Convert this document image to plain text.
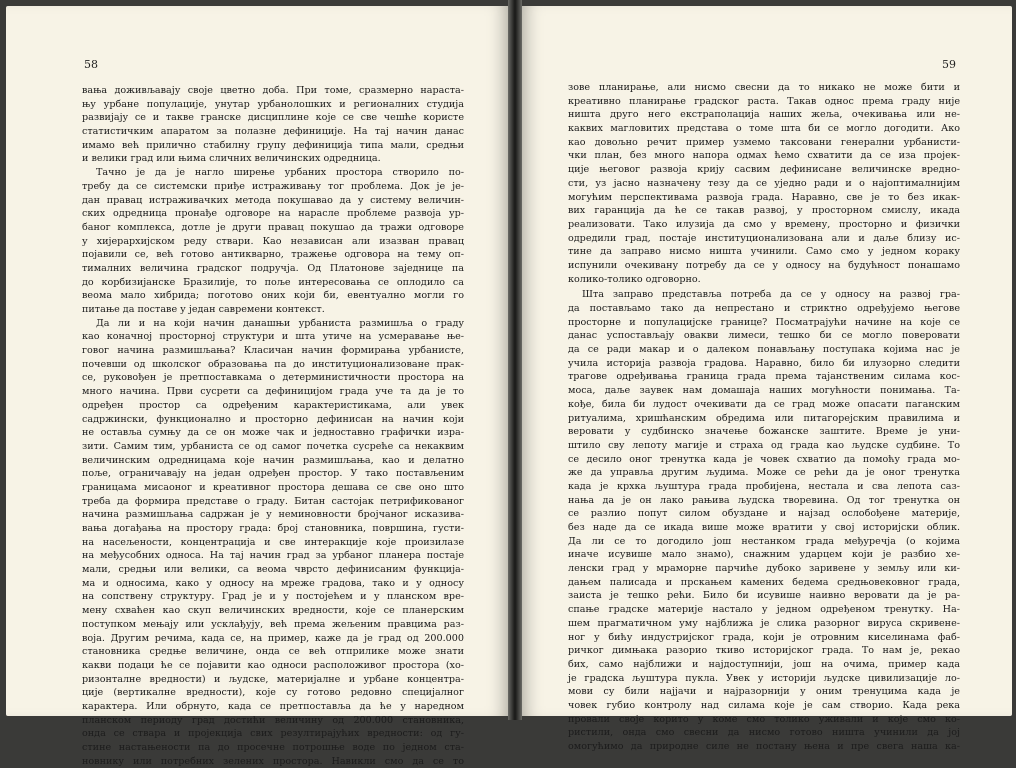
58
вања доживљавају своје цветно доба. При томе, сразмерно нараста-
њу урбане популације, унутар урбанолошких и регионалних студија
развијају се и такве гранске дисциплине које се све чешће користе
статистичким апаратом за полазне дефиниције. На тај начин данас
имамо већ прилично стабилну групу дефиниција типа мали, средњи
и велики град или њима сличних величинских одредница.
Тачно је да је нагло ширење урбаних простора створило по-
требу да се системски приђе истраживању тог проблема. Док је је-
дан правац истраживачких метода покушавао да у систему величин-
ских одредница пронађе одговоре на нарасле проблеме развоја ур-
баног комплекса, дотле је други правац покушао да тражи одговоре
у хијерархијском реду ствари. Као независан али изазван правац
појавили се, већ готово антикварно, тражење одговора на тему оп-
тималних величина градског подручја. Од Платонове заједнице па
до корбизијанске Бразилије, то поље интересовања се оплодило са
веома мало хибрида; поготово оних који би, евентуално могли го
питање да поставе у један савремени контекст.
Да ли и на који начин данашњи урбаниста размишља о граду
као коначној просторној структури и шта утиче на усмеравање ње-
говог начина размишљања? Класичан начин формирања урбанисте,
почевши од школског образовања па до институционализоване прак-
се, руковођен је претпоставкама о детерминистичности простора на
много начина. Први сусрети са дефиницијом града уче та да је то
одређен простор са одређеним карактеристикама, али увек
садржински, функционално и просторно дефинисан на начин који
не оставља сумњу да се он може чак и једноставно графички изра-
зити. Самим тим, урбаниста се од самог почетка сусреће са некаквим
величинским одредницама које начин размишљања, као и делатно
поље, ограничавају на један одређен простор. У тако постављеним
границама мисаоног и креативног простора дешава се све оно што
треба да формира представе о граду. Битан састојак петрификованог
начина размишљања садржан је у неминовности бројчаног исказива-
вања догађања на простору града: број становника, површина, густи-
на насељености, концентрација и све интеракције које произилазе
на међусобних односа. На тај начин град за урбаног планера постаје
мали, средњи или велики, са веома чврсто дефинисаним функција-
ма и односима, како у односу на мреже градова, тако и у односу
на сопствену структуру. Град је и у постојећем и у планском вре-
мену схваћен као скуп величинских вредности, које се планерским
поступком мењају или усклађују, већ према жељеним правцима раз-
воја. Другим речима, када се, на пример, каже да је град од 200.000
становника средње величине, онда се већ отприлике може знати
какви подаци ће се појавити као односи расположивог простора (хо-
ризонталне вредности) и људске, материјалне и урбане концентра-
ције (вертикалне вредности), које су готово редовно специјалног
карактера. Или обрнуто, када се претпоставља да ће у наредном
планском периоду град достићи величину од 200.000 становника,
онда се ствара и пројекција свих резултирајућих вредности: од гу-
стине настањености па до просечне потрошње воде по једном ста-
новнику или потребних зелених простора. Навикли смо да се то
59
зове планирање, али нисмо свесни да то никако не може бити и
креативно планирање градског раста. Такав однос према граду није
ништа друго него екстраполација наших жеља, очекивања или не-
каквих магловитих представа о томе шта би се могло догодити. Ако
као довољно речит пример узмемо таксовани генерални урбанисти-
чки план, без много напора одмах ћемо схватити да се иза пројек-
ције његовог развоја крију сасвим дефинисане величинске вредно-
сти, уз јасно назначену тезу да се уједно ради и о најоптималнијим
могућим перспективама развоја града. Наравно, све је то без икак-
вих гаранција да ће се такав развој, у просторном смислу, икада
реализовати. Тако илузија да смо у времену, просторно и физички
одредили град, постаје институционализована али и даље близу ис-
тине да заправо нисмо ништа учинили. Само смо у једном кораку
испунили очекивану потребу да се у односу на будућност понашамо
колико-толико одговорно.
Шта заправо представља потреба да се у односу на развој гра-
да постављамо тако да непрестано и стриктно одређујемо његове
просторне и популацијске границе? Посматрајући начине на које се
данас успостављају овакви лимеси, тешко би се могло поверовати
да се ради макар и о далеком понављању поступака којима нас је
учила историја развоја градова. Наравно, било би илузорно следити
трагове одређивања граница града према тајанственим силама кос-
моса, даље заувек нам домашаја наших могућности понимања. Та-
кође, била би лудост очекивати да се град може опасати паганским
ритуалима, хришћанским обредима или питагорејским правилима и
веровати у судбинско значење божанске заштите. Време је уни-
штило сву лепоту магије и страха од града као људске судбине. То
се десило оног тренутка када је човек схватио да помоћу града мо-
же да управља другим људима. Може се рећи да је оног тренутка
када је крхка љуштура града пробијена, нестала и сва лепота саз-
нања да је он лако рањива људска творевина. Од тог тренутка он
се разлио попут силом обуздане и најзад ослобођене материје,
без наде да се икада више може вратити у свој историјски облик.
Да ли се то догодило још нестанком града међуречја (о којима
иначе исувише мало знамо), снажним ударцем који је разбио хе-
ленски град у мраморне парчиће дубоко заривене у земљу или ки-
дањем палисада и прскањем камених бедема средњовековног града,
заиста је тешко рећи. Било би исувише наивно веровати да је ра-
спање градске материје настало у једном одређеном тренутку. На-
шем прагматичном уму најближа је слика разорног вируса скривене-
ног у бићу индустријског града, који је отровним киселинама фаб-
ричког димњака разорио ткиво историјског града. То нам је, рекао
бих, само најближи и најдоступнији, још на очима, пример када
је градска љуштура пукла. Увек у историји људске цивилизације ло-
мови су били најјачи и најразорнији у оним тренуцима када је
човек губио контролу над силама које је сам створио. Када река
провали своје корито у коме смо толико уживали и које смо ко-
ристили, онда смо свесни да нисмо готово ништа учинили да јој
омогућимо да природне силе не постану њена и пре свега наша ка-
